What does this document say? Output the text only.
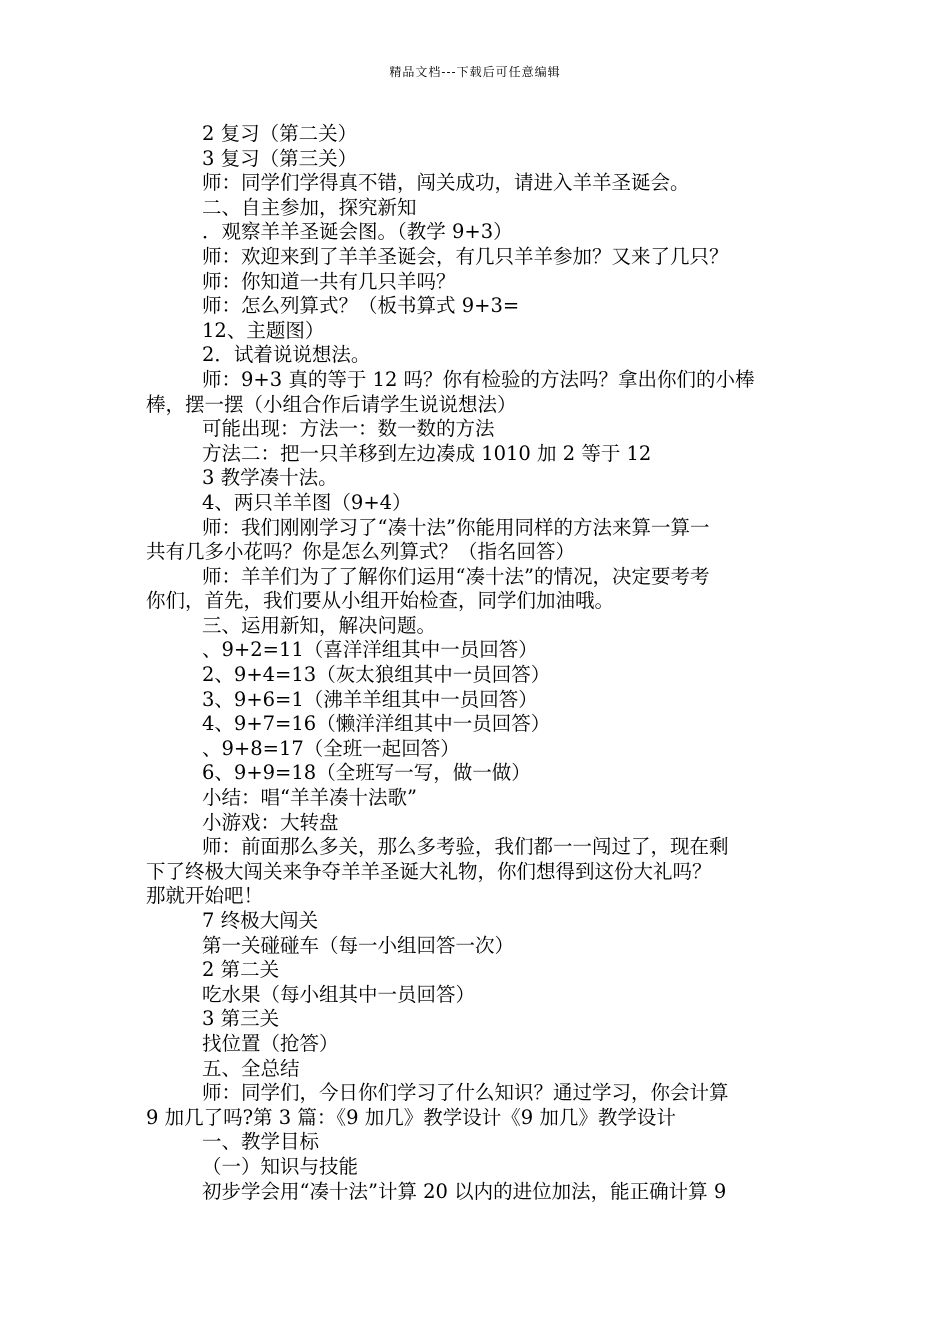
精品文档---下载后可任意编辑

2 复习（第二关）

3 复习（第三关）

师：同学们学得真不错，闯关成功，请进入羊羊圣诞会。

二、自主参加，探究新知

．观察羊羊圣诞会图。（教学 9+3）

师：欢迎来到了羊羊圣诞会，有几只羊羊参加？又来了几只？

师：你知道一共有几只羊吗？

师：怎么列算式？（板书算式 9+3=

12、主题图）

2．试着说说想法。

师：9+3 真的等于 12 吗？你有检验的方法吗？拿出你们的小棒

棒，摆一摆（小组合作后请学生说说想法）

可能出现：方法一：数一数的方法

方法二：把一只羊移到左边凑成 1010 加 2 等于 12

3 教学凑十法。

4、两只羊羊图（9+4）

师：我们刚刚学习了“凑十法”你能用同样的方法来算一算一

共有几多小花吗？你是怎么列算式？（指名回答）

师：羊羊们为了了解你们运用“凑十法”的情况，决定要考考

你们，首先，我们要从小组开始检查，同学们加油哦。

三、运用新知，解决问题。

、9+2=11（喜洋洋组其中一员回答）

2、9+4=13（灰太狼组其中一员回答）

3、9+6=1（沸羊羊组其中一员回答）

4、9+7=16（懒洋洋组其中一员回答）

、9+8=17（全班一起回答）

6、9+9=18（全班写一写，做一做）

小结：唱“羊羊凑十法歌”

小游戏：大转盘

师：前面那么多关，那么多考验，我们都一一闯过了，现在剩

下了终极大闯关来争夺羊羊圣诞大礼物，你们想得到这份大礼吗？

那就开始吧！

7 终极大闯关

第一关碰碰车（每一小组回答一次）

2 第二关

吃水果（每小组其中一员回答）

3 第三关

找位置（抢答）

五、全总结

师：同学们，今日你们学习了什么知识？通过学习，你会计算

9 加几了吗?第 3 篇：《9 加几》教学设计《9 加几》教学设计

一、教学目标

（一）知识与技能

初步学会用“凑十法”计算 20 以内的进位加法，能正确计算 9
